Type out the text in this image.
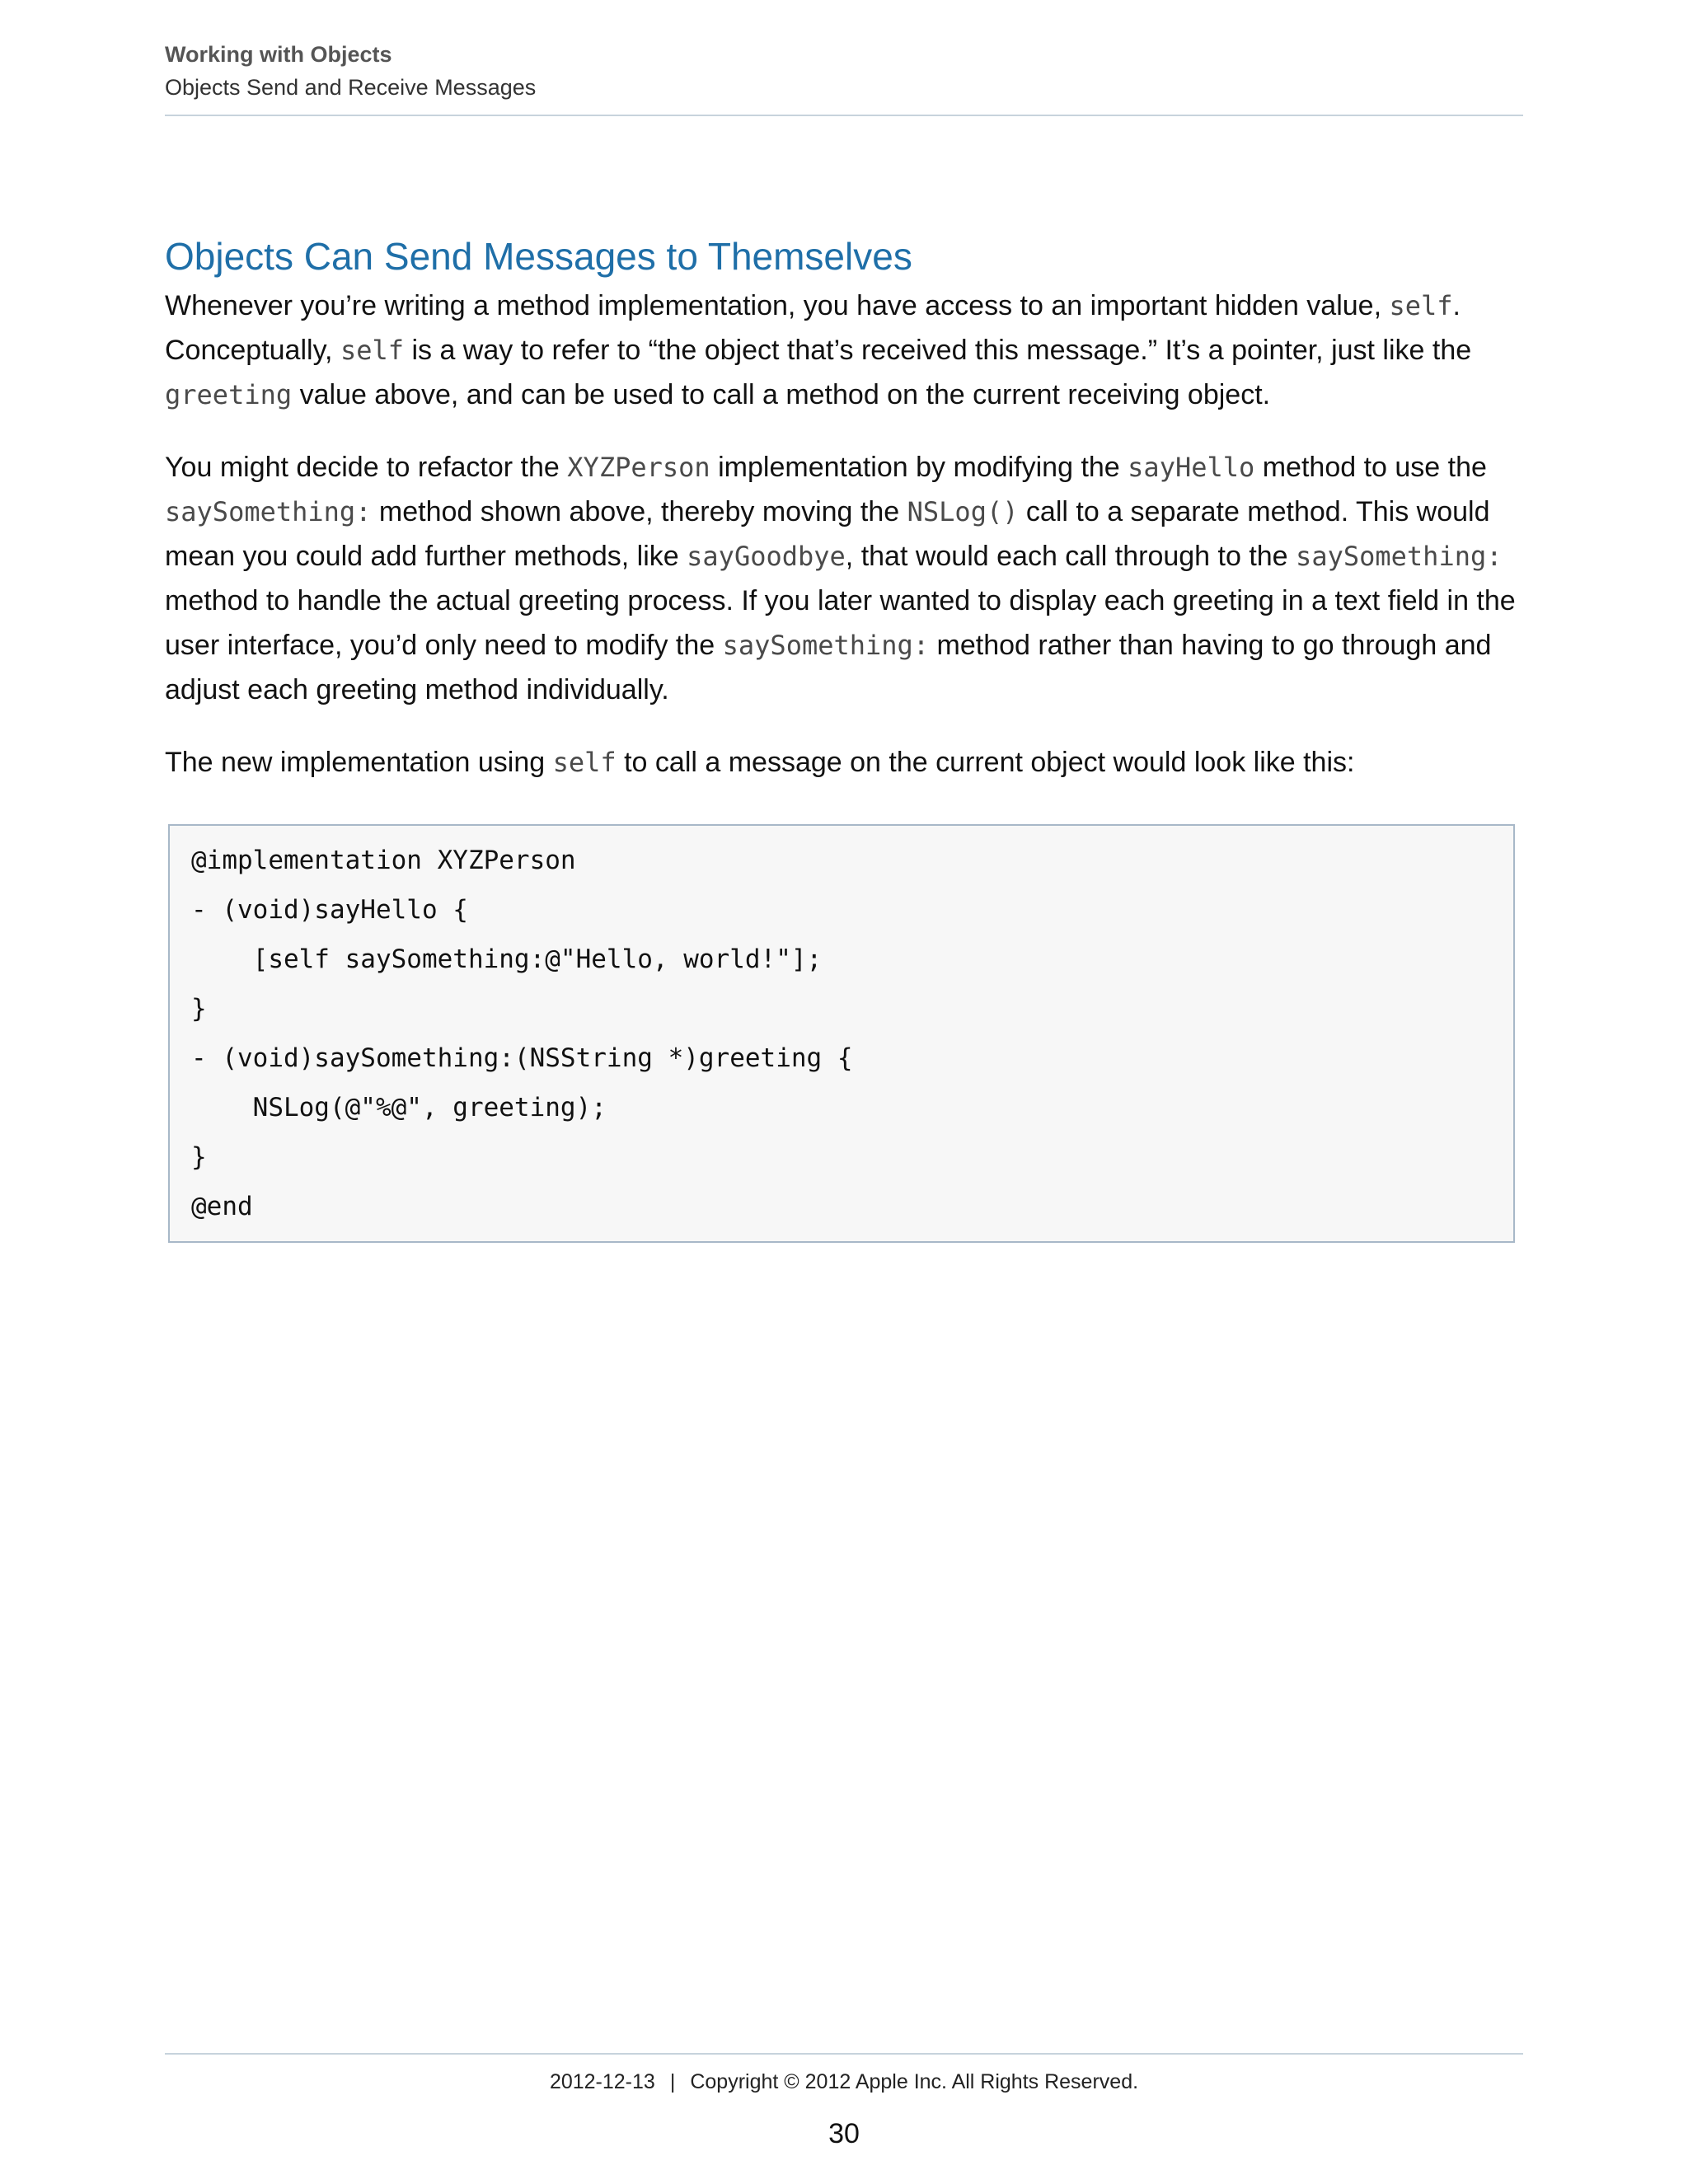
Working with Objects
Objects Send and Receive Messages
Objects Can Send Messages to Themselves

Whenever you’re writing a method implementation, you have access to an important hidden value, self. Conceptually, self is a way to refer to “the object that’s received this message.” It’s a pointer, just like the greeting value above, and can be used to call a method on the current receiving object.

You might decide to refactor the XYZPerson implementation by modifying the sayHello method to use the saySomething: method shown above, thereby moving the NSLog() call to a separate method. This would mean you could add further methods, like sayGoodbye, that would each call through to the saySomething: method to handle the actual greeting process. If you later wanted to display each greeting in a text field in the user interface, you’d only need to modify the saySomething: method rather than having to go through and adjust each greeting method individually.

The new implementation using self to call a message on the current object would look like this:

@implementation XYZPerson
- (void)sayHello {
[self saySomething:@"Hello, world!"];
}
- (void)saySomething:(NSString *)greeting {
NSLog(@"%@", greeting);
}
@end
2012-12-13 | Copyright © 2012 Apple Inc. All Rights Reserved.
30
